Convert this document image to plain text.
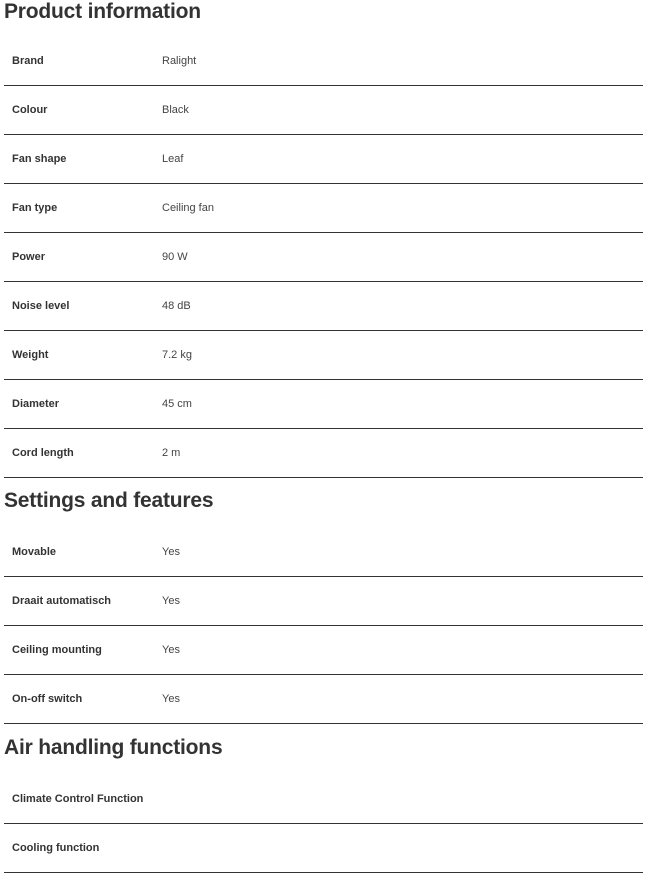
Product information
Brand	Ralight
Colour	Black
Fan shape	Leaf
Fan type	Ceiling fan
Power	90 W
Noise level	48 dB
Weight	7.2 kg
Diameter	45 cm
Cord length	2 m
Settings and features
Movable	Yes
Draait automatisch	Yes
Ceiling mounting	Yes
On-off switch	Yes
Air handling functions
Climate Control Function
Cooling function
